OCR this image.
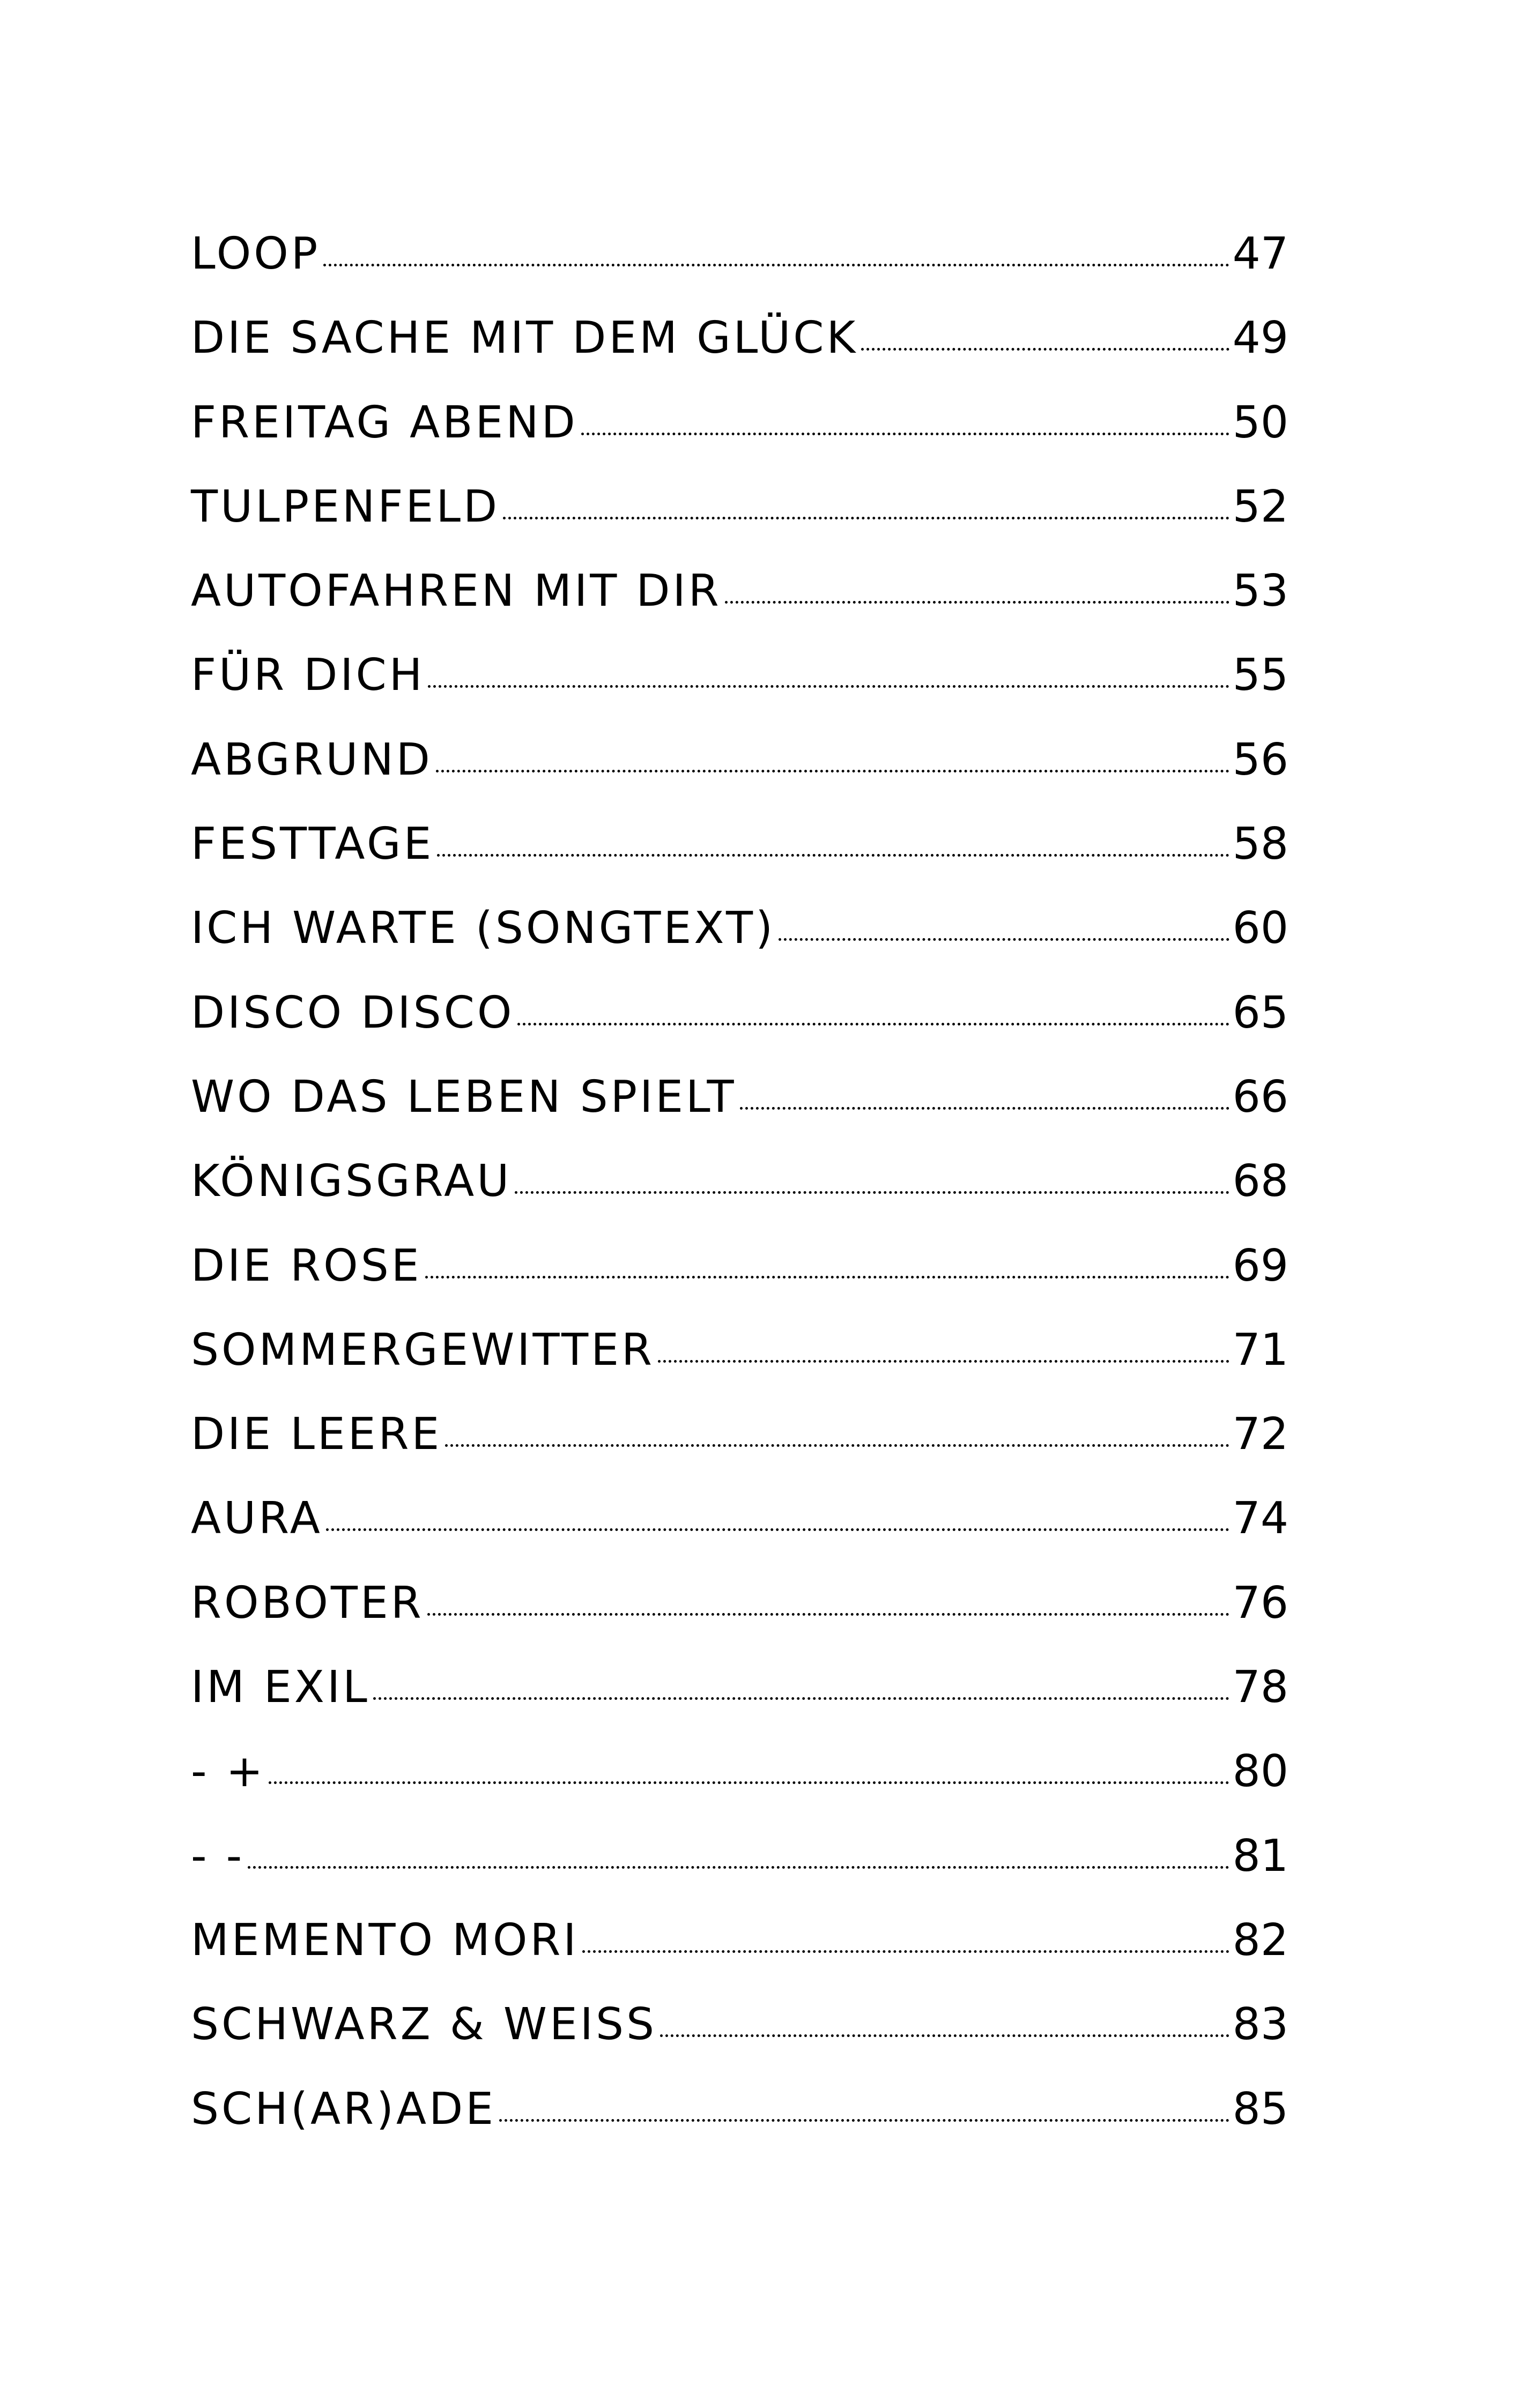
LOOP	47
DIE SACHE MIT DEM GLÜCK	49
FREITAG ABEND	50
TULPENFELD	52
AUTOFAHREN MIT DIR	53
FÜR DICH	55
ABGRUND	56
FESTTAGE	58
ICH WARTE (SONGTEXT)	60
DISCO DISCO	65
WO DAS LEBEN SPIELT	66
KÖNIGSGRAU	68
DIE ROSE	69
SOMMERGEWITTER	71
DIE LEERE	72
AURA	74
ROBOTER	76
IM EXIL	78
- +	80
- -	81
MEMENTO MORI	82
SCHWARZ & WEISS	83
SCH(AR)ADE	85
